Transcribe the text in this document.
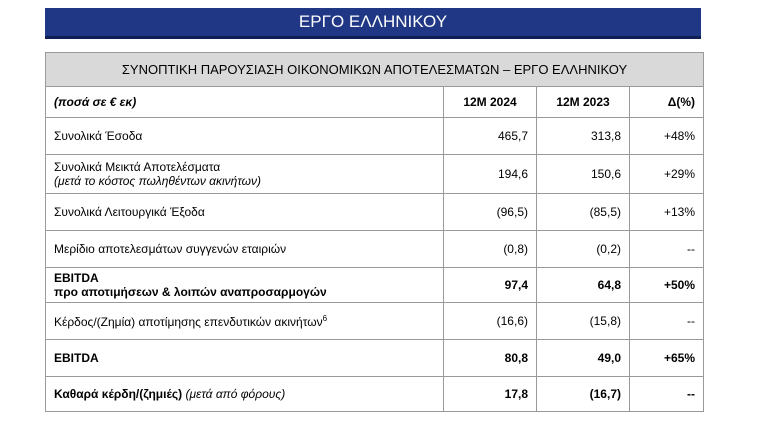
ΕΡΓΟ ΕΛΛΗΝΙΚΟΥ
ΣΥΝΟΠΤΙΚΗ ΠΑΡΟΥΣΙΑΣΗ ΟΙΚΟΝΟΜΙΚΩΝ ΑΠΟΤΕΛΕΣΜΑΤΩΝ – ΕΡΓΟ ΕΛΛΗΝΙΚΟΥ			
(ποσά σε € εκ)	12M 2024	12M 2023	Δ(%)
Συνολικά Έσοδα	465,7	313,8	+48%

Συνολικά Μεικτά Αποτελέσματα
(μετά το κόστος πωληθέντων ακινήτων)	194,6	150,6	+29%
Συνολικά Λειτουργικά Έξοδα	(96,5)	(85,5)	+13%
Μερίδιο αποτελεσμάτων συγγενών εταιριών	(0,8)	(0,2)	--

EBITDA
προ αποτιμήσεων & λοιπών αναπροσαρμογών	97,4	64,8	+50%
Κέρδος/(Ζημία) αποτίμησης επενδυτικών ακινήτων$^6$	(16,6)	(15,8)	--
EBITDA	80,8	49,0	+65%
Καθαρά κέρδη/(ζημιές) (μετά από φόρους)	17,8	(16,7)	--
